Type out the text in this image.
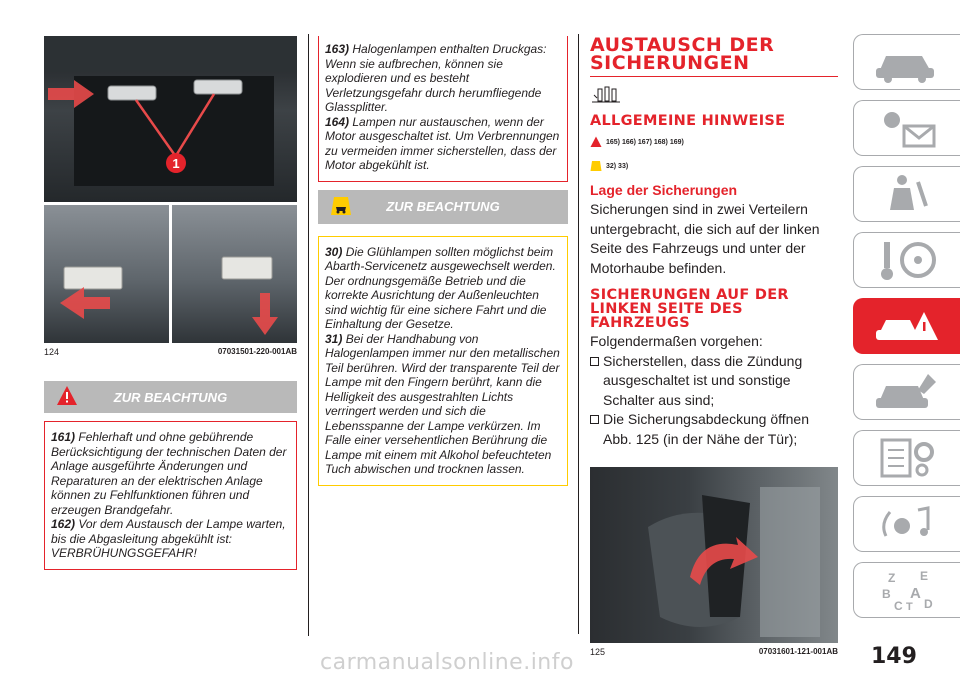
1
124	07031501-220-001AB
ZUR BEACHTUNG

161) Fehlerhaft und ohne gebührende Berücksichtigung der technischen Daten der Anlage ausgeführte Änderungen und Reparaturen an der elektrischen Anlage können zu Fehlfunktionen führen und erzeugen Brandgefahr.

162) Vor dem Austausch der Lampe warten, bis die Abgasleitung abgekühlt ist: VERBRÜHUNGSGEFAHR!

163) Halogenlampen enthalten Druckgas: Wenn sie aufbrechen, können sie explodieren und es besteht Verletzungsgefahr durch herumfliegende Glassplitter.

164) Lampen nur austauschen, wenn der Motor ausgeschaltet ist. Um Verbrennungen zu vermeiden immer sicherstellen, dass der Motor abgekühlt ist.

ZUR BEACHTUNG

30) Die Glühlampen sollten möglichst beim Abarth-Servicenetz ausgewechselt werden. Der ordnungsgemäße Betrieb und die korrekte Ausrichtung der Außenleuchten sind wichtig für eine sichere Fahrt und die Einhaltung der Gesetze.

31) Bei der Handhabung von Halogenlampen immer nur den metallischen Teil berühren. Wird der transparente Teil der Lampe mit den Fingern berührt, kann die Helligkeit des ausgestrahlten Lichts verringert werden und sich die Lebensspanne der Lampe verkürzen. Im Falle einer versehentlichen Berührung die Lampe mit einem mit Alkohol befeuchteten Tuch abwischen und trocknen lassen.

AUSTAUSCH DER
SICHERUNGEN
ALLGEMEINE HINWEISE
165) 166) 167) 168) 169)
32) 33)
Lage der Sicherungen

Sicherungen sind in zwei Verteilern untergebracht, die sich auf der linken Seite des Fahrzeugs und unter der Motorhaube befinden.

SICHERUNGEN AUF DER
LINKEN SEITE DES
FAHRZEUGS

Folgendermaßen vorgehen:

Sicherstellen, dass die Zündung ausgeschaltet ist und sonstige Schalter aus sind;
Die Sicherungsabdeckung öffnen Abb. 125 (in der Nähe der Tür);
125	07031601-121-001AB
Z E
B A
C T D
149
carmanualsonline.info
